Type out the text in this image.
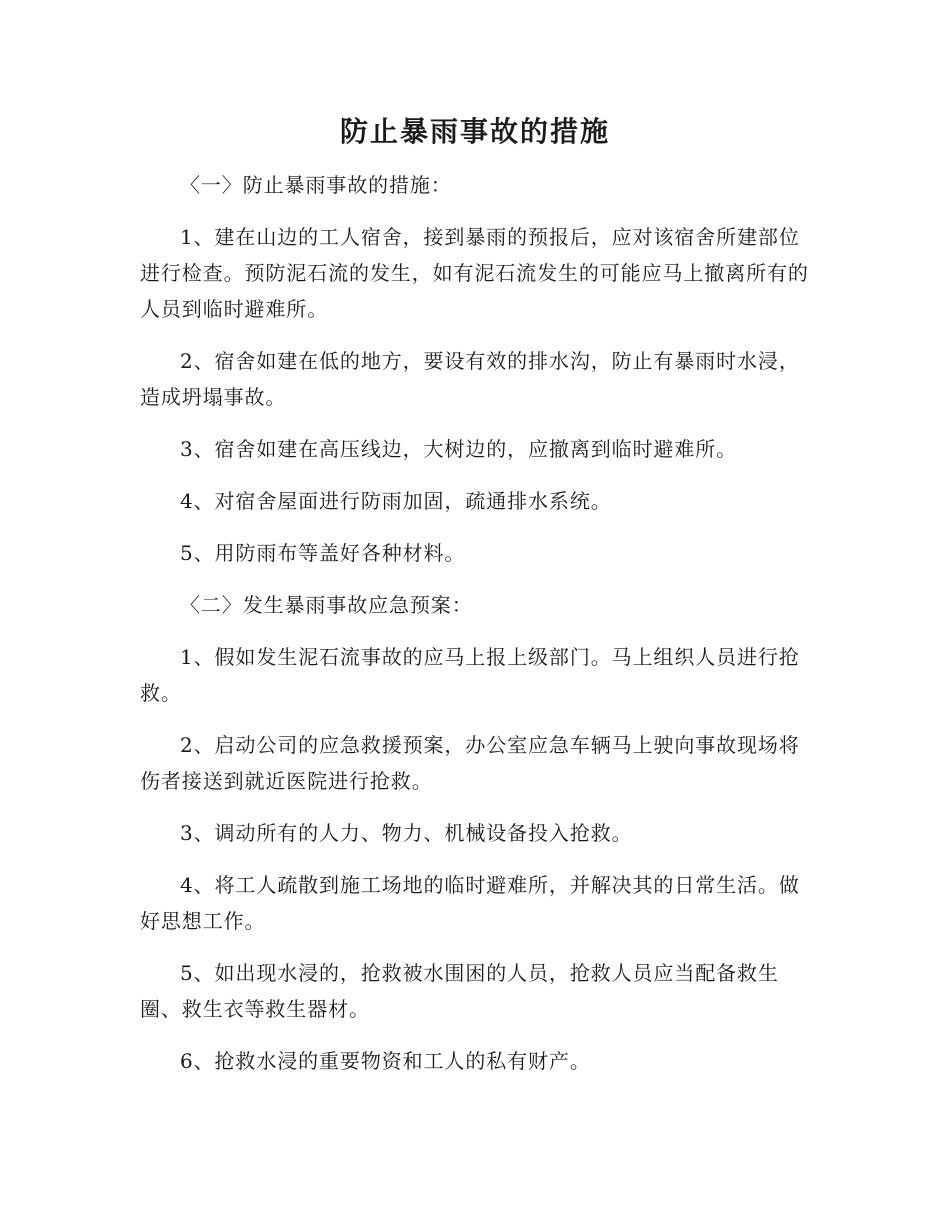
防止暴雨事故的措施

〈一〉防止暴雨事故的措施：

1、建在山边的工人宿舍，接到暴雨的预报后，应对该宿舍所建部位进行检查。预防泥石流的发生，如有泥石流发生的可能应马上撤离所有的人员到临时避难所。

2、宿舍如建在低的地方，要设有效的排水沟，防止有暴雨时水浸，造成坍塌事故。

3、宿舍如建在高压线边，大树边的，应撤离到临时避难所。

4、对宿舍屋面进行防雨加固，疏通排水系统。

5、用防雨布等盖好各种材料。

〈二〉发生暴雨事故应急预案：

1、假如发生泥石流事故的应马上报上级部门。马上组织人员进行抢救。

2、启动公司的应急救援预案，办公室应急车辆马上驶向事故现场将伤者接送到就近医院进行抢救。

3、调动所有的人力、物力、机械设备投入抢救。

4、将工人疏散到施工场地的临时避难所，并解决其的日常生活。做好思想工作。

5、如出现水浸的，抢救被水围困的人员，抢救人员应当配备救生圈、救生衣等救生器材。

6、抢救水浸的重要物资和工人的私有财产。
